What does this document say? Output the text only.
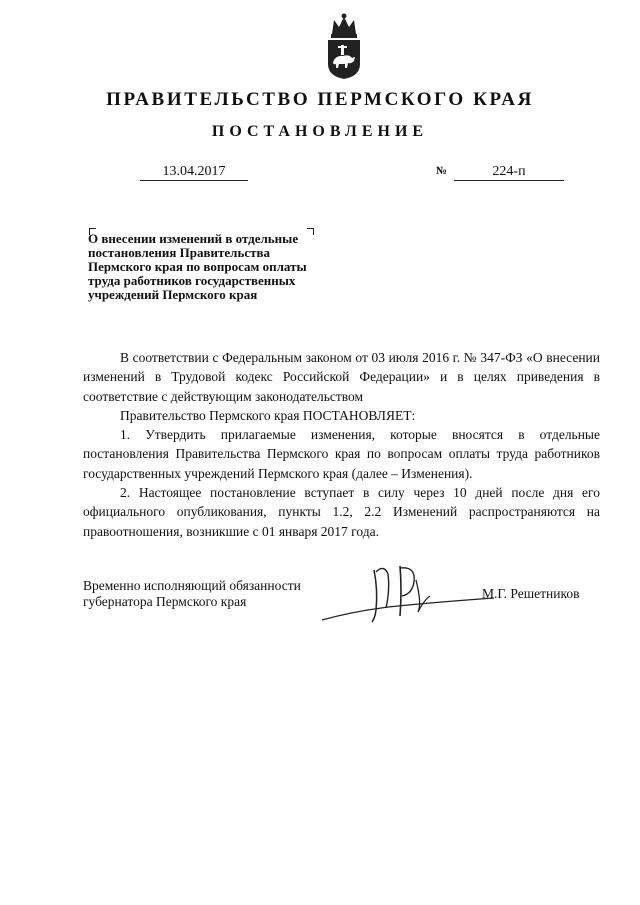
ПРАВИТЕЛЬСТВО ПЕРМСКОГО КРАЯ
ПОСТАНОВЛЕНИЕ
13.04.2017	№	224-п

О внесении изменений в отдельные

постановления Правительства

Пермского края по вопросам оплаты

труда работников государственных

учреждений Пермского края

В соответствии с Федеральным законом от 03 июля 2016 г. № 347-ФЗ «О внесении изменений в Трудовой кодекс Российской Федерации» и в целях приведения в соответствие с действующим законодательством

Правительство Пермского края ПОСТАНОВЛЯЕТ:

1. Утвердить прилагаемые изменения, которые вносятся в отдельные постановления Правительства Пермского края по вопросам оплаты труда работников государственных учреждений Пермского края (далее – Изменения).

2. Настоящее постановление вступает в силу через 10 дней после дня его официального опубликования, пункты 1.2, 2.2 Изменений распространяются на правоотношения, возникшие с 01 января 2017 года.

Временно исполняющий обязанности

губернатора Пермского края

М.Г. Решетников
